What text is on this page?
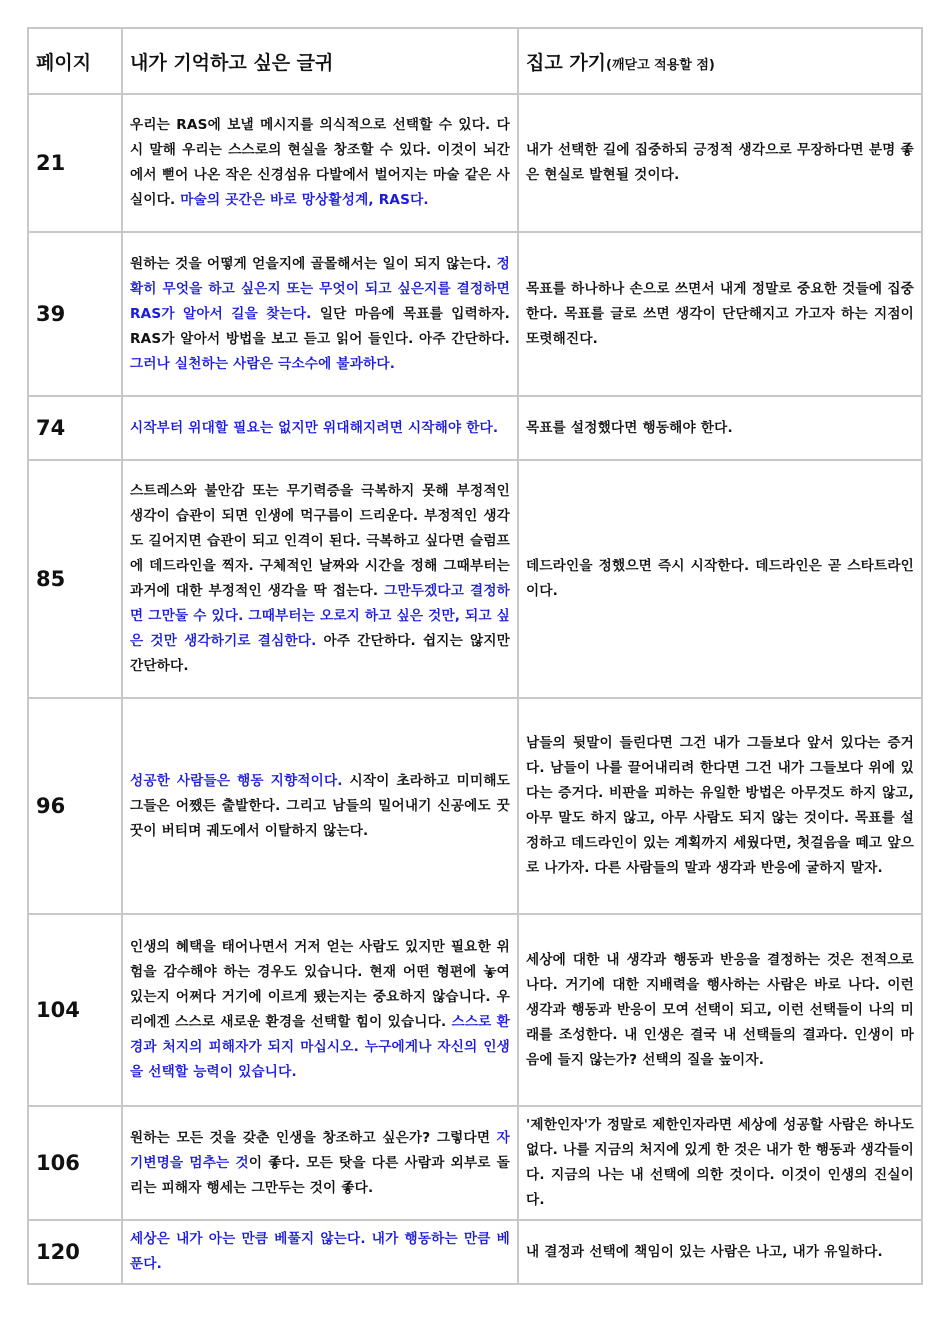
페이지	내가 기억하고 싶은 글귀	집고 가기(깨닫고 적용할 점)
21	우리는 RAS에 보낼 메시지를 의식적으로 선택할 수 있다. 다시 말해 우리는 스스로의 현실을 창조할 수 있다. 이것이 뇌간에서 뻗어 나온 작은 신경섬유 다발에서 벌어지는 마술 같은 사실이다. 마술의 곳간은 바로 망상활성계, RAS다.	내가 선택한 길에 집중하되 긍정적 생각으로 무장하다면 분명 좋은 현실로 발현될 것이다.
39	원하는 것을 어떻게 얻을지에 골몰해서는 일이 되지 않는다. 정확히 무엇을 하고 싶은지 또는 무엇이 되고 싶은지를 결정하면 RAS가 알아서 길을 찾는다. 일단 마음에 목표를 입력하자. RAS가 알아서 방법을 보고 듣고 읽어 들인다. 아주 간단하다. 그러나 실천하는 사람은 극소수에 불과하다.	목표를 하나하나 손으로 쓰면서 내게 정말로 중요한 것들에 집중한다. 목표를 글로 쓰면 생각이 단단해지고 가고자 하는 지점이 또렷해진다.
74	시작부터 위대할 필요는 없지만 위대해지려면 시작해야 한다.	목표를 설정했다면 행동해야 한다.
85	스트레스와 불안감 또는 무기력증을 극복하지 못해 부정적인 생각이 습관이 되면 인생에 먹구름이 드리운다. 부정적인 생각도 길어지면 습관이 되고 인격이 된다. 극복하고 싶다면 슬럼프에 데드라인을 찍자. 구체적인 날짜와 시간을 정해 그때부터는 과거에 대한 부정적인 생각을 딱 접는다. 그만두겠다고 결정하면 그만둘 수 있다. 그때부터는 오로지 하고 싶은 것만, 되고 싶은 것만 생각하기로 결심한다. 아주 간단하다. 쉽지는 않지만 간단하다.	데드라인을 정했으면 즉시 시작한다. 데드라인은 곧 스타트라인이다.
96	성공한 사람들은 행동 지향적이다. 시작이 초라하고 미미해도 그들은 어쨌든 출발한다. 그리고 남들의 밀어내기 신공에도 꿋꿋이 버티며 궤도에서 이탈하지 않는다.	남들의 뒷말이 들린다면 그건 내가 그들보다 앞서 있다는 증거다. 남들이 나를 끌어내리려 한다면 그건 내가 그들보다 위에 있다는 증거다. 비판을 피하는 유일한 방법은 아무것도 하지 않고, 아무 말도 하지 않고, 아무 사람도 되지 않는 것이다. 목표를 설정하고 데드라인이 있는 계획까지 세웠다면, 첫걸음을 떼고 앞으로 나가자. 다른 사람들의 말과 생각과 반응에 굴하지 말자.
104	인생의 혜택을 태어나면서 거저 얻는 사람도 있지만 필요한 위험을 감수해야 하는 경우도 있습니다. 현재 어떤 형편에 놓여 있는지 어쩌다 거기에 이르게 됐는지는 중요하지 않습니다. 우리에겐 스스로 새로운 환경을 선택할 힘이 있습니다. 스스로 환경과 처지의 피해자가 되지 마십시오. 누구에게나 자신의 인생을 선택할 능력이 있습니다.	세상에 대한 내 생각과 행동과 반응을 결정하는 것은 전적으로 나다. 거기에 대한 지배력을 행사하는 사람은 바로 나다. 이런 생각과 행동과 반응이 모여 선택이 되고, 이런 선택들이 나의 미래를 조성한다. 내 인생은 결국 내 선택들의 결과다. 인생이 마음에 들지 않는가? 선택의 질을 높이자.
106	원하는 모든 것을 갖춘 인생을 창조하고 싶은가? 그렇다면 자기변명을 멈추는 것이 좋다. 모든 탓을 다른 사람과 외부로 돌리는 피해자 행세는 그만두는 것이 좋다.	'제한인자'가 정말로 제한인자라면 세상에 성공할 사람은 하나도 없다. 나를 지금의 처지에 있게 한 것은 내가 한 행동과 생각들이다. 지금의 나는 내 선택에 의한 것이다. 이것이 인생의 진실이다.
120	세상은 내가 아는 만큼 베풀지 않는다. 내가 행동하는 만큼 베푼다.	내 결정과 선택에 책임이 있는 사람은 나고, 내가 유일하다.
